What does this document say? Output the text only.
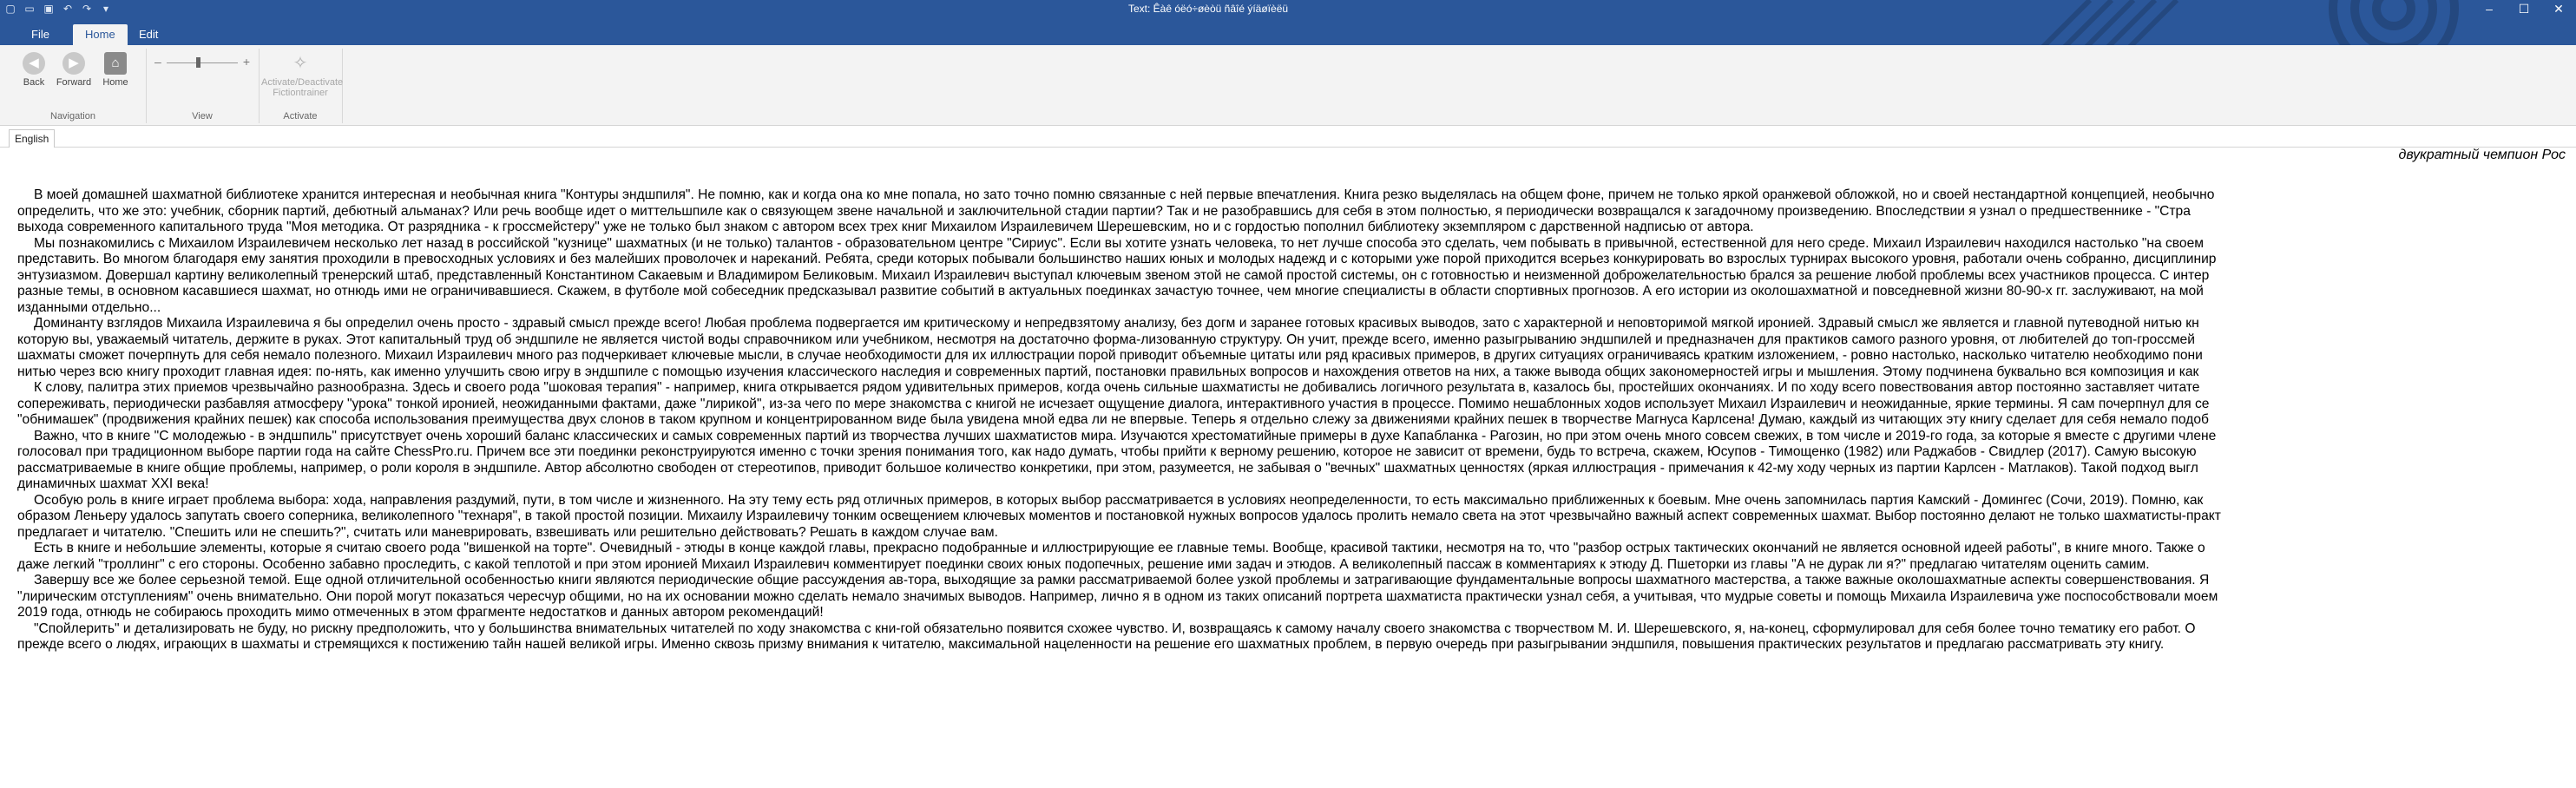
▢ ▭ ▣ ↶ ↷	▾	Text: Êàê óëó÷øèòü ñâîé ýíäøïèëü	–	☐	✕
File	Home	Edit
◀
Back
▶
Forward
⌂
Home
Navigation
–	+
View
✧
Activate/Deactivate
Fictiontrainer
Activate
English
двукратный чемпион Рос
В моей домашней шахматной библиотеке хранится интересная и необычная книга "Контуры эндшпиля". Не помню, как и когда она ко мне попала, но зато точно помню связанные с ней первые впечатления. Книга резко выделялась на общем фоне, причем не только яркой оранжевой обложкой, но и своей нестандартной концепцией, необычно
определить, что же это: учебник, сборник партий, дебютный альманах? Или речь вообще идет о миттельшпиле как о связующем звене начальной и заключительной стадии партии? Так и не разобравшись для себя в этом полностью, я периодически возвращался к загадочному произведению. Впоследствии я узнал о предшественнике - "Стра
выхода современного капитального труда "Моя методика. От разрядника - к гроссмейстеру" уже не только был знаком с автором всех трех книг Михаилом Израилевичем Шерешевским, но и с гордостью пополнил библиотеку экземпляром с дарственной надписью от автора.
Мы познакомились с Михаилом Израилевичем несколько лет назад в российской "кузнице" шахматных (и не только) талантов - образовательном центре "Сириус". Если вы хотите узнать человека, то нет лучше способа это сделать, чем побывать в привычной, естественной для него среде. Михаил Израилевич находился настолько "на своем
представить. Во многом благодаря ему занятия проходили в превосходных условиях и без малейших проволочек и нареканий. Ребята, среди которых побывали большинство наших юных и молодых надежд и с которыми уже порой приходится всерьез конкурировать во взрослых турнирах высокого уровня, работали очень собранно, дисциплинир
энтузиазмом. Довершал картину великолепный тренерский штаб, представленный Константином Сакаевым и Владимиром Беликовым. Михаил Израилевич выступал ключевым звеном этой не самой простой системы, он с готовностью и неизменной доброжелательностью брался за решение любой проблемы всех участников процесса. С интер
разные темы, в основном касавшиеся шахмат, но отнюдь ими не ограничивавшиеся. Скажем, в футболе мой собеседник предсказывал развитие событий в актуальных поединках зачастую точнее, чем многие специалисты в области спортивных прогнозов. А его истории из околошахматной и повседневной жизни 80-90-х гг. заслуживают, на мой
изданными отдельно...
Доминанту взглядов Михаила Израилевича я бы определил очень просто - здравый смысл прежде всего! Любая проблема подвергается им критическому и непредвзятому анализу, без догм и заранее готовых красивых выводов, зато с характерной и неповторимой мягкой иронией. Здравый смысл же является и главной путеводной нитью кн
которую вы, уважаемый читатель, держите в руках. Этот капитальный труд об эндшпиле не является чистой воды справочником или учебником, несмотря на достаточно форма-лизованную структуру. Он учит, прежде всего, именно разыгрыванию эндшпилей и предназначен для практиков самого разного уровня, от любителей до топ-гроссмей
шахматы сможет почерпнуть для себя немало полезного. Михаил Израилевич много раз подчеркивает ключевые мысли, в случае необходимости для их иллюстрации порой приводит объемные цитаты или ряд красивых примеров, в других ситуациях ограничиваясь кратким изложением, - ровно настолько, насколько читателю необходимо пони
нитью через всю книгу проходит главная идея: по-нять, как именно улучшить свою игру в эндшпиле с помощью изучения классического наследия и современных партий, постановки правильных вопросов и нахождения ответов на них, а также вывода общих закономерностей игры и мышления. Этому подчинена буквально вся композиция и как
К слову, палитра этих приемов чрезвычайно разнообразна. Здесь и своего рода "шоковая терапия" - например, книга открывается рядом удивительных примеров, когда очень сильные шахматисты не добивались логичного результата в, казалось бы, простейших окончаниях. И по ходу всего повествования автор постоянно заставляет читате
сопереживать, периодически разбавляя атмосферу "урока" тонкой иронией, неожиданными фактами, даже "лирикой", из-за чего по мере знакомства с книгой не исчезает ощущение диалога, интерактивного участия в процессе. Помимо нешаблонных ходов использует Михаил Израилевич и неожиданные, яркие термины. Я сам почерпнул для се
"обнимашек" (продвижения крайних пешек) как способа использования преимущества двух слонов в таком крупном и концентрированном виде была увидена мной едва ли не впервые. Теперь я отдельно слежу за движениями крайних пешек в творчестве Магнуса Карлсена! Думаю, каждый из читающих эту книгу сделает для себя немало подоб
Важно, что в книге "С молодежью - в эндшпиль" присутствует очень хороший баланс классических и самых современных партий из творчества лучших шахматистов мира. Изучаются хрестоматийные примеры в духе Капабланка - Рагозин, но при этом очень много совсем свежих, в том числе и 2019-го года, за которые я вместе с другими члене
голосовал при традиционном выборе партии года на сайте ChessPro.ru. Причем все эти поединки реконструируются именно с точки зрения понимания того, как надо думать, чтобы прийти к верному решению, которое не зависит от времени, будь то встреча, скажем, Юсупов - Тимощенко (1982) или Раджабов - Свидлер (2017). Самую высокую
рассматриваемые в книге общие проблемы, например, о роли короля в эндшпиле. Автор абсолютно свободен от стереотипов, приводит большое количество конкретики, при этом, разумеется, не забывая о "вечных" шахматных ценностях (яркая иллюстрация - примечания к 42-му ходу черных из партии Карлсен - Матлаков). Такой подход выгл
динамичных шахмат XXI века!
Особую роль в книге играет проблема выбора: хода, направления раздумий, пути, в том числе и жизненного. На эту тему есть ряд отличных примеров, в которых выбор рассматривается в условиях неопределенности, то есть максимально приближенных к боевым. Мне очень запомнилась партия Камский - Домингес (Сочи, 2019). Помню, как
образом Леньеру удалось запутать своего соперника, великолепного "технаря", в такой простой позиции. Михаилу Израилевичу тонким освещением ключевых моментов и постановкой нужных вопросов удалось пролить немало света на этот чрезвычайно важный аспект современных шахмат. Выбор постоянно делают не только шахматисты-практ
предлагает и читателю. "Спешить или не спешить?", считать или маневрировать, взвешивать или решительно действовать? Решать в каждом случае вам.
Есть в книге и небольшие элементы, которые я считаю своего рода "вишенкой на торте". Очевидный - этюды в конце каждой главы, прекрасно подобранные и иллюстрирующие ее главные темы. Вообще, красивой тактики, несмотря на то, что "разбор острых тактических окончаний не является основной идеей работы", в книге много. Также о
даже легкий "троллинг" с его стороны. Особенно забавно проследить, с какой теплотой и при этом иронией Михаил Израилевич комментирует поединки своих юных подопечных, решение ими задач и этюдов. А великолепный пассаж в комментариях к этюду Д. Пшеторки из главы "А не дурак ли я?" предлагаю читателям оценить самим.
Завершу все же более серьезной темой. Еще одной отличительной особенностью книги являются периодические общие рассуждения ав-тора, выходящие за рамки рассматриваемой более узкой проблемы и затрагивающие фундаментальные вопросы шахматного мастерства, а также важные околошахматные аспекты совершенствования. Я
"лирическим отступлениям" очень внимательно. Они порой могут показаться чересчур общими, но на их основании можно сделать немало значимых выводов. Например, лично я в одном из таких описаний портрета шахматиста практически узнал себя, а учитывая, что мудрые советы и помощь Михаила Израилевича уже поспособствовали моем
2019 года, отнюдь не собираюсь проходить мимо отмеченных в этом фрагменте недостатков и данных автором рекомендаций!
"Спойлерить" и детализировать не буду, но рискну предположить, что у большинства внимательных читателей по ходу знакомства с кни-гой обязательно появится схожее чувство. И, возвращаясь к самому началу своего знакомства с творчеством М. И. Шерешевского, я, на-конец, сформулировал для себя более точно тематику его работ. О
прежде всего о людях, играющих в шахматы и стремящихся к постижению тайн нашей великой игры. Именно сквозь призму внимания к читателю, максимальной нацеленности на решение его шахматных проблем, в первую очередь при разыгрывании эндшпиля, повышения практических результатов и предлагаю рассматривать эту книгу.
